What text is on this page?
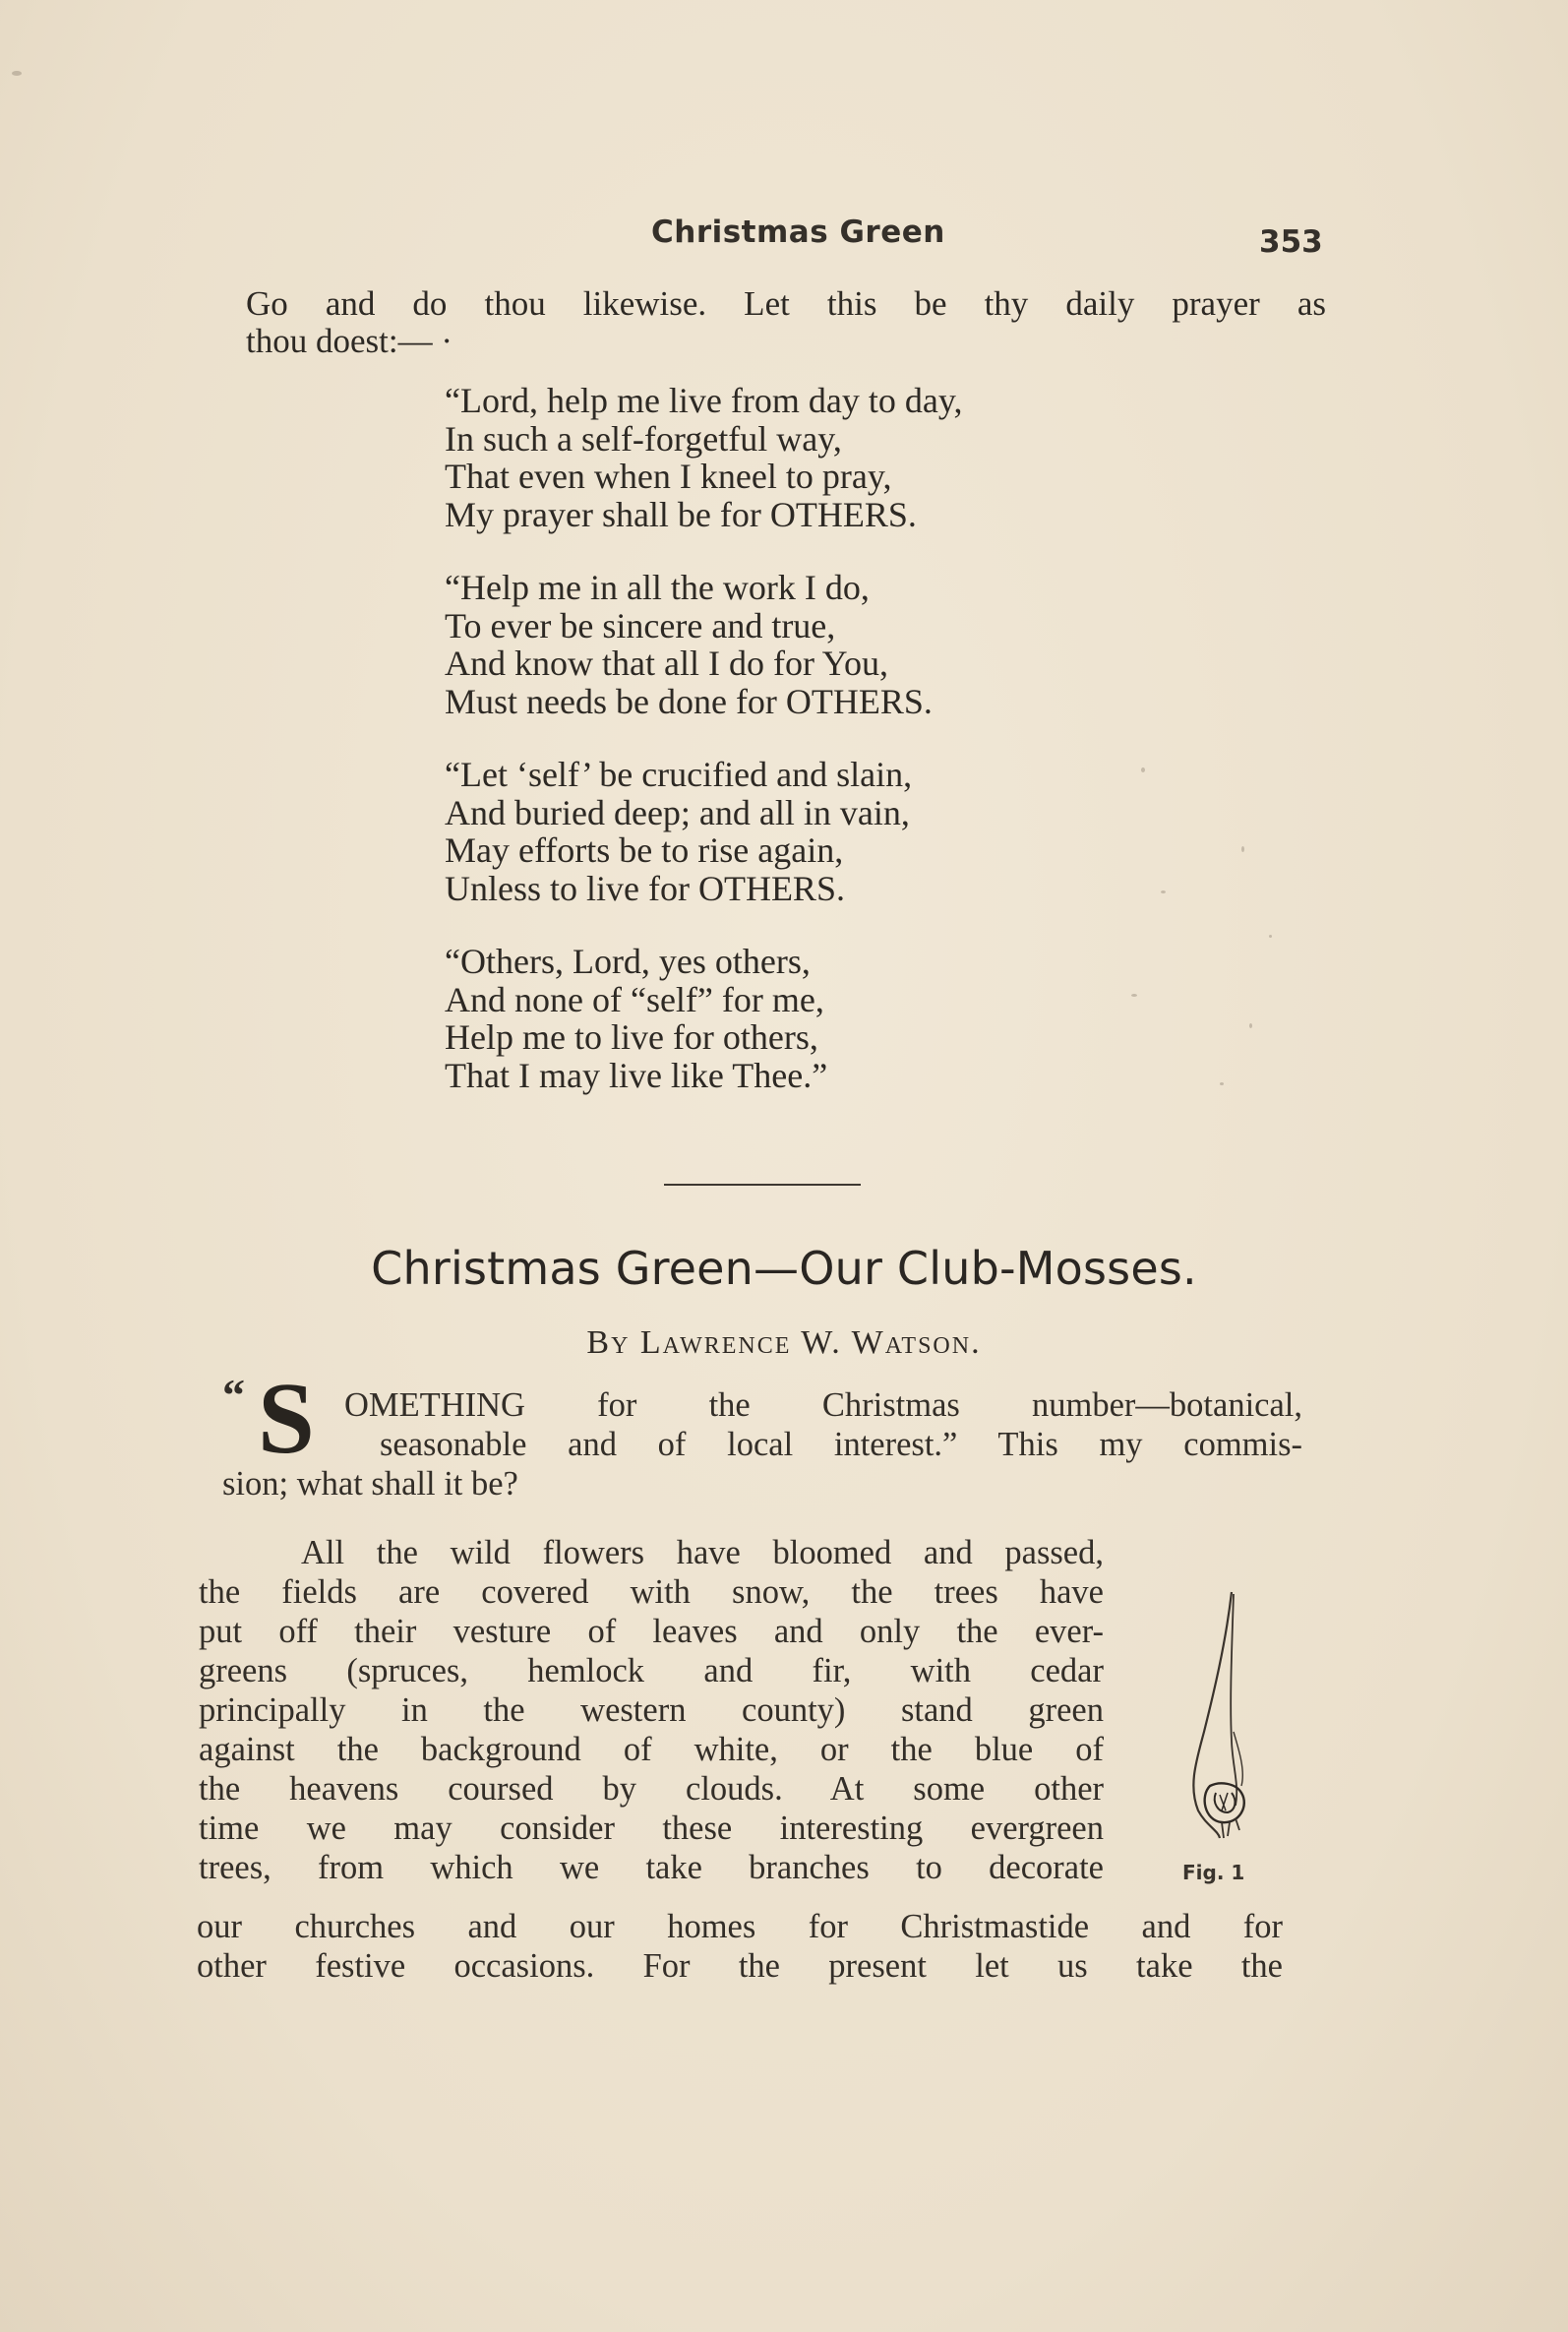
Christmas Green	353
Go and do thou likewise. Let this be thy daily prayer as
thou doest:— ·
“Lord, help me live from day to day,
In such a self-forgetful way,
That even when I kneel to pray,
My prayer shall be for OTHERS.
“Help me in all the work I do,
To ever be sincere and true,
And know that all I do for You,
Must needs be done for OTHERS.
“Let ‘self’ be crucified and slain,
And buried deep; and all in vain,
May efforts be to rise again,
Unless to live for OTHERS.
“Others, Lord, yes others,
And none of “self” for me,
Help me to live for others,
That I may live like Thee.”
Christmas Green—Our Club-Mosses.
By Lawrence W. Watson.
“ S OMETHING for the Christmas number—botanical,
seasonable and of local interest.” This my commis-
sion; what shall it be?
All the wild flowers have bloomed and passed,
the fields are covered with snow, the trees have
put off their vesture of leaves and only the ever-
greens (spruces, hemlock and fir, with cedar
principally in the western county) stand green
against the background of white, or the blue of
the heavens coursed by clouds. At some other
time we may consider these interesting evergreen
trees, from which we take branches to decorate
our churches and our homes for Christmastide and for
other festive occasions. For the present let us take the
Fig. 1
